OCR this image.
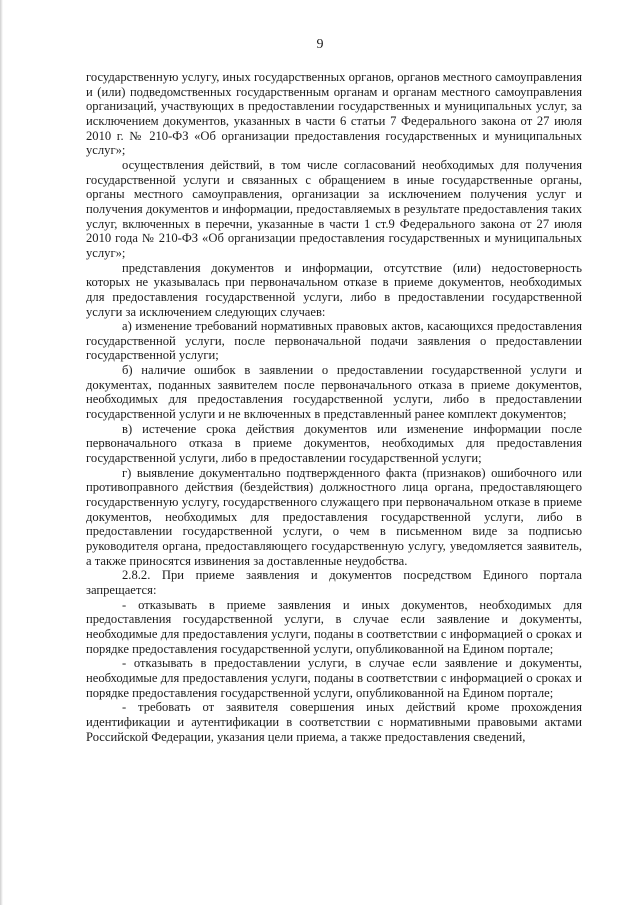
9

государственную услугу, иных государственных органов, органов местного самоуправления и (или) подведомственных государственным органам и органам местного самоуправления организаций, участвующих в предоставлении государственных и муниципальных услуг, за исключением документов, указанных в части 6 статьи 7 Федерального закона от 27 июля 2010 г. № 210-ФЗ «Об организации предоставления государственных и муниципальных услуг»;

осуществления действий, в том числе согласований необходимых для получения государственной услуги и связанных с обращением в иные государственные органы, органы местного самоуправления, организации за исключением получения услуг и получения документов и информации, предоставляемых в результате предоставления таких услуг, включенных в перечни, указанные в части 1 ст.9 Федерального закона от 27 июля 2010 года № 210-ФЗ «Об организации предоставления государственных и муниципальных услуг»;

представления документов и информации, отсутствие (или) недостоверность которых не указывалась при первоначальном отказе в приеме документов, необходимых для предоставления государственной услуги, либо в предоставлении государственной услуги за исключением следующих случаев:

а) изменение требований нормативных правовых актов, касающихся предоставления государственной услуги, после первоначальной подачи заявления о предоставлении государственной услуги;

б) наличие ошибок в заявлении о предоставлении государственной услуги и документах, поданных заявителем после первоначального отказа в приеме документов, необходимых для предоставления государственной услуги, либо в предоставлении государственной услуги и не включенных в представленный ранее комплект документов;

в) истечение срока действия документов или изменение информации после первоначального отказа в приеме документов, необходимых для предоставления государственной услуги, либо в предоставлении государственной услуги;

г) выявление документально подтвержденного факта (признаков) ошибочного или противоправного действия (бездействия) должностного лица органа, предоставляющего государственную услугу, государственного служащего при первоначальном отказе в приеме документов, необходимых для предоставления государственной услуги, либо в предоставлении государственной услуги, о чем в письменном виде за подписью руководителя органа, предоставляющего государственную услугу, уведомляется заявитель, а также приносятся извинения за доставленные неудобства.

2.8.2. При приеме заявления и документов посредством Единого портала запрещается:

- отказывать в приеме заявления и иных документов, необходимых для предоставления государственной услуги, в случае если заявление и документы, необходимые для предоставления услуги, поданы в соответствии с информацией о сроках и порядке предоставления государственной услуги, опубликованной на Едином портале;

- отказывать в предоставлении услуги, в случае если заявление и документы, необходимые для предоставления услуги, поданы в соответствии с информацией о сроках и порядке предоставления государственной услуги, опубликованной на Едином портале;

- требовать от заявителя совершения иных действий кроме прохождения идентификации и аутентификации в соответствии с нормативными правовыми актами Российской Федерации, указания цели приема, а также предоставления сведений,
